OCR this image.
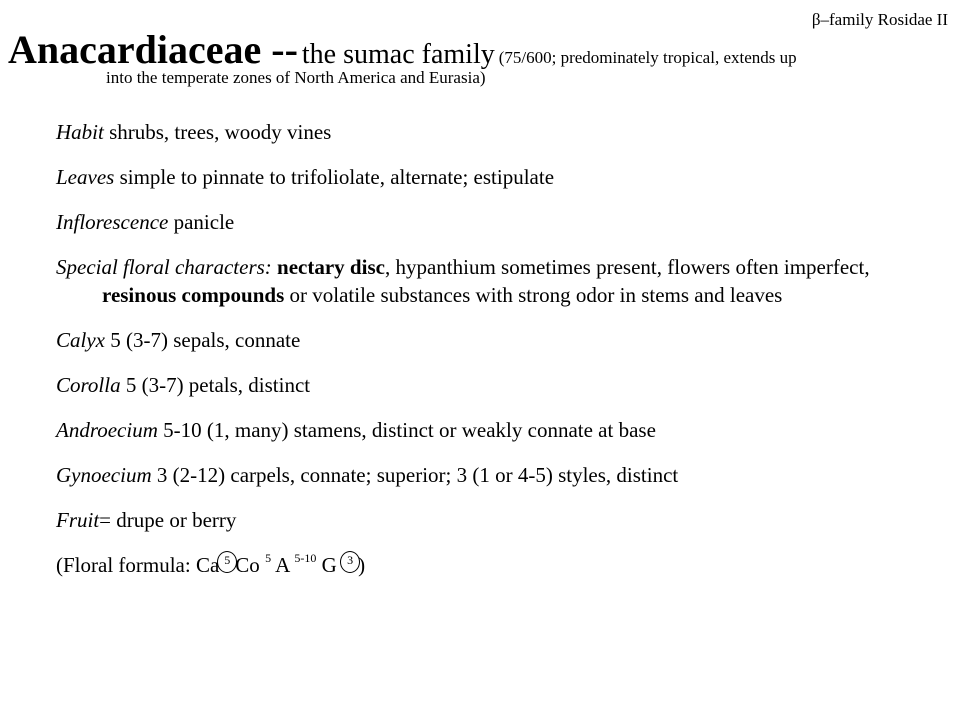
β–family Rosidae II
Anacardiaceae -- the sumac family (75/600; predominately tropical, extends up
into the temperate zones of North America and Eurasia)
Habit shrubs, trees, woody vines
Leaves simple to pinnate to trifoliolate, alternate; estipulate
Inflorescence panicle
Special floral characters: nectary disc, hypanthium sometimes present, flowers often imperfect, resinous compounds or volatile substances with strong odor in stems and leaves
Calyx 5 (3-7) sepals, connate
Corolla 5 (3-7) petals, distinct
Androecium 5-10 (1, many) stamens, distinct or weakly connate at base
Gynoecium 3 (2-12) carpels, connate; superior; 3 (1 or 4-5) styles, distinct
Fruit= drupe or berry
(Floral formula: Ca 5 Co $^5$ A $^{5-10}$ G 3 )
